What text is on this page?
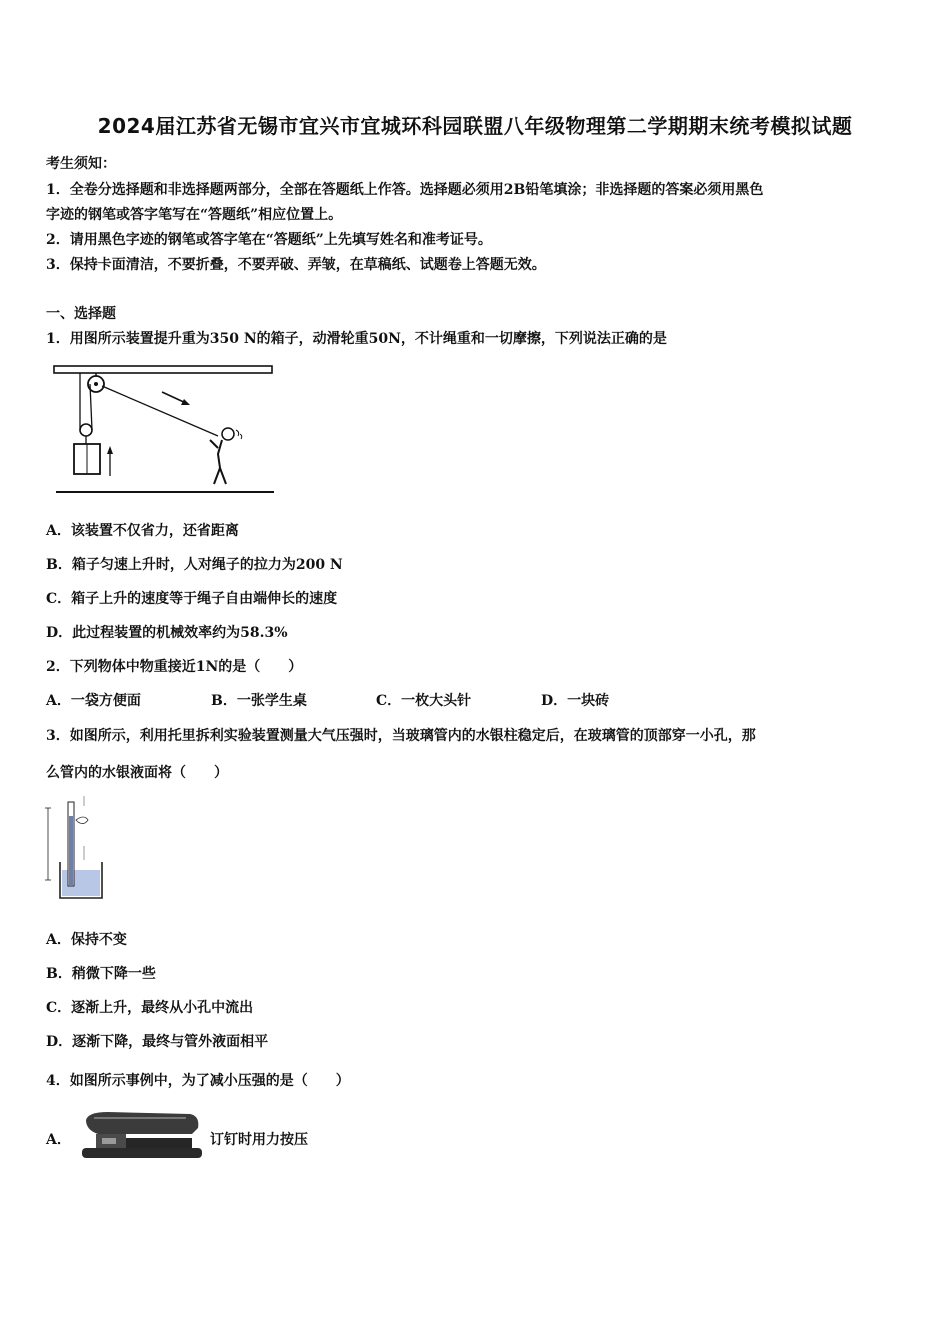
2024届江苏省无锡市宜兴市宜城环科园联盟八年级物理第二学期期末统考模拟试题
考生须知：
1．全卷分选择题和非选择题两部分，全部在答题纸上作答。选择题必须用2B铅笔填涂；非选择题的答案必须用黑色
字迹的钢笔或答字笔写在“答题纸”相应位置上。
2．请用黑色字迹的钢笔或答字笔在“答题纸”上先填写姓名和准考证号。
3．保持卡面清洁，不要折叠，不要弄破、弄皱，在草稿纸、试题卷上答题无效。
一、选择题
1．用图所示装置提升重为350 N的箱子，动滑轮重50N，不计绳重和一切摩擦，下列说法正确的是
A．该装置不仅省力，还省距离
B．箱子匀速上升时，人对绳子的拉力为200 N
C．箱子上升的速度等于绳子自由端伸长的速度
D．此过程装置的机械效率约为58.3%
2．下列物体中物重接近1N的是（　　）
A．一袋方便面	B．一张学生桌	C．一枚大头针	D．一块砖
3．如图所示，利用托里拆利实验装置测量大气压强时，当玻璃管内的水银柱稳定后，在玻璃管的顶部穿一小孔，那
么管内的水银液面将（　　）
A．保持不变
B．稍微下降一些
C．逐渐上升，最终从小孔中流出
D．逐渐下降，最终与管外液面相平
4．如图所示事例中，为了减小压强的是（　　）
A．	订钉时用力按压
